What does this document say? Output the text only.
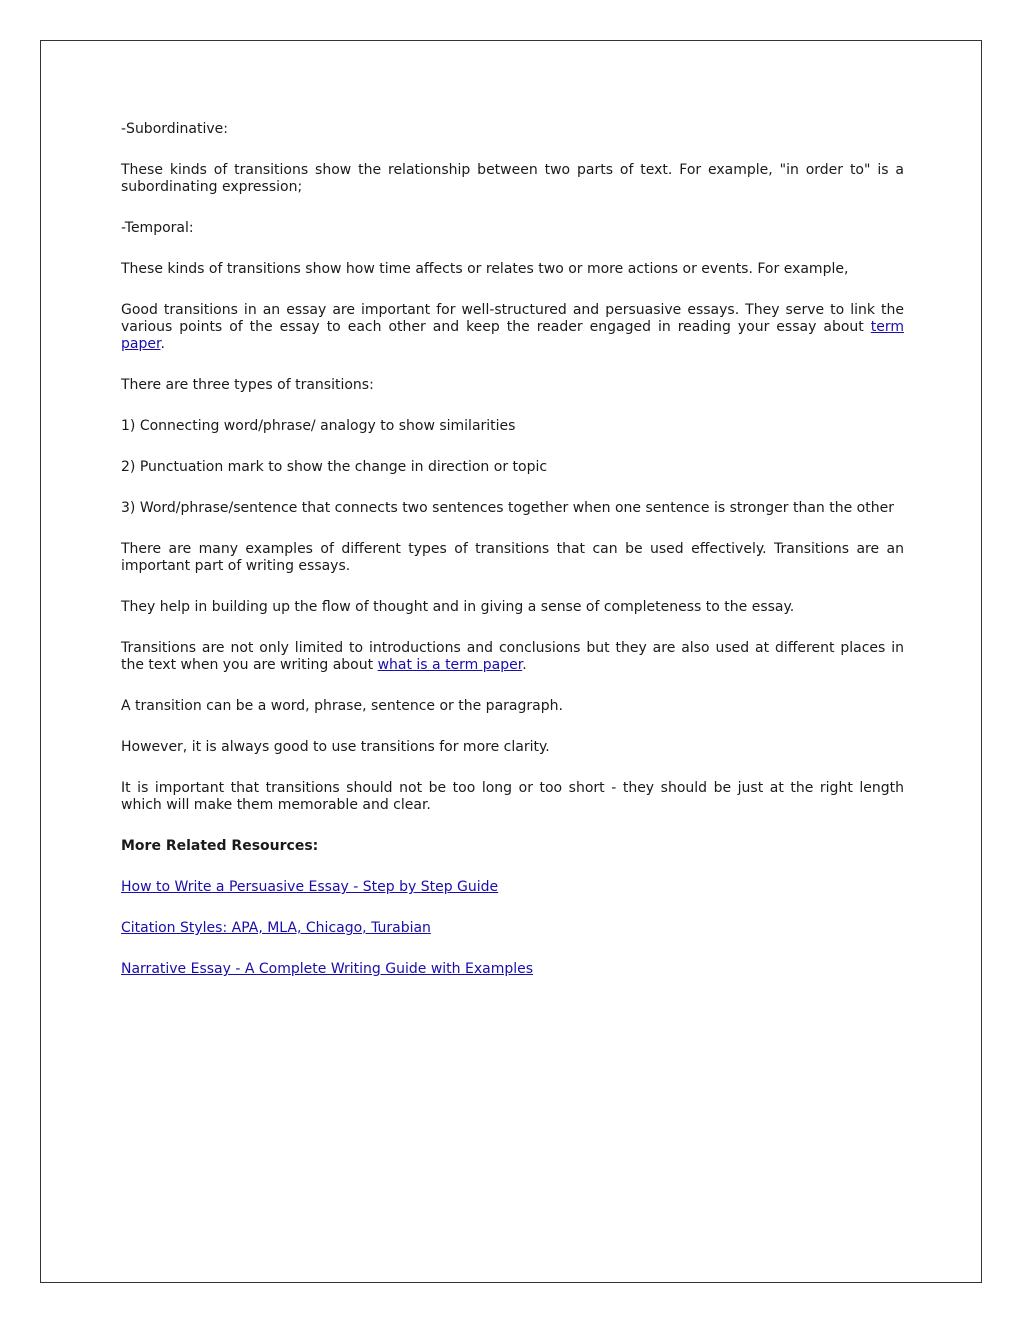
-Subordinative:

These kinds of transitions show the relationship between two parts of text. For example, "in order to" is a subordinating expression;

-Temporal:

These kinds of transitions show how time affects or relates two or more actions or events. For example,

Good transitions in an essay are important for well-structured and persuasive essays. They serve to link the various points of the essay to each other and keep the reader engaged in reading your essay about term paper.

There are three types of transitions:

1) Connecting word/phrase/ analogy to show similarities

2) Punctuation mark to show the change in direction or topic

3) Word/phrase/sentence that connects two sentences together when one sentence is stronger than the other

There are many examples of different types of transitions that can be used effectively. Transitions are an important part of writing essays.

They help in building up the flow of thought and in giving a sense of completeness to the essay.

Transitions are not only limited to introductions and conclusions but they are also used at different places in the text when you are writing about what is a term paper.

A transition can be a word, phrase, sentence or the paragraph.

However, it is always good to use transitions for more clarity.

It is important that transitions should not be too long or too short - they should be just at the right length which will make them memorable and clear.

More Related Resources:

How to Write a Persuasive Essay - Step by Step Guide

Citation Styles: APA, MLA, Chicago, Turabian

Narrative Essay - A Complete Writing Guide with Examples
